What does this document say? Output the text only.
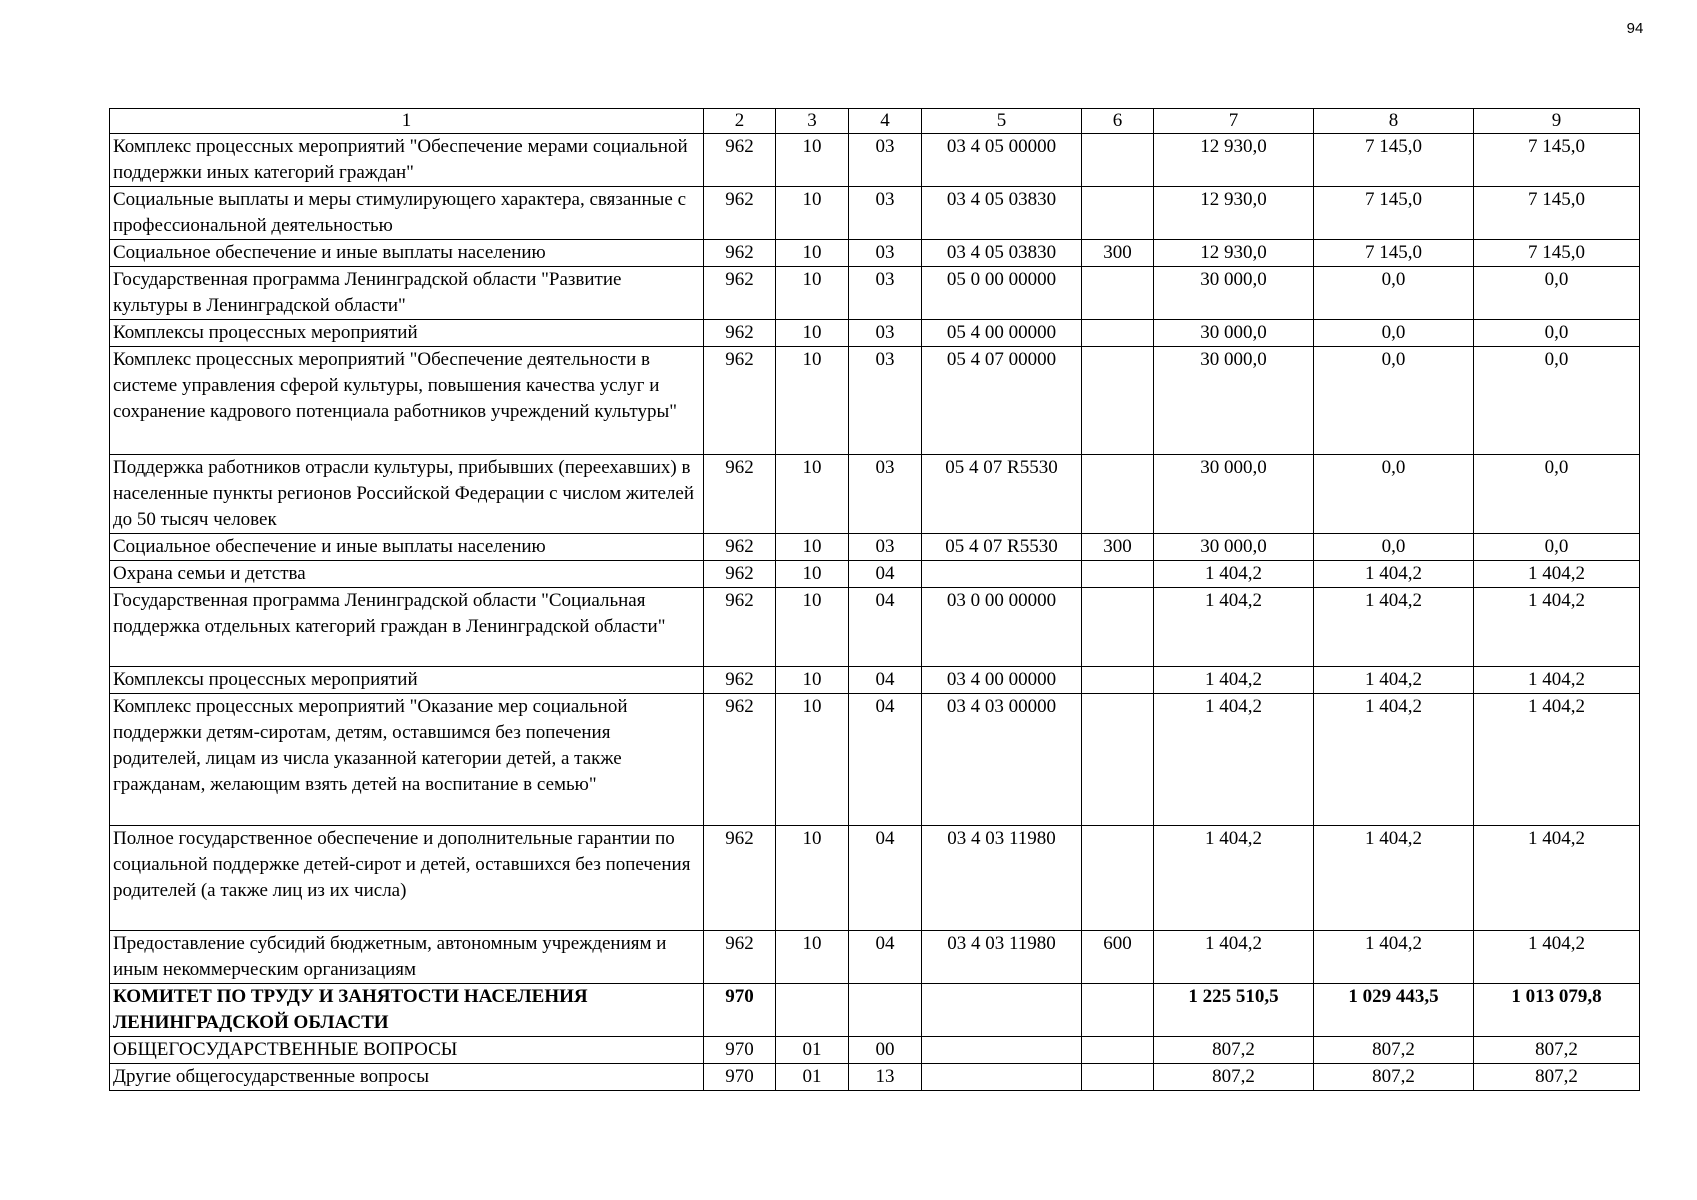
94
1	2	3	4	5	6	7	8	9
Комплекс процессных мероприятий "Обеспечение мерами социальной поддержки иных категорий граждан"	962	10	03	03 4 05 00000		12 930,0	7 145,0	7 145,0
Социальные выплаты и меры стимулирующего характера, связанные с профессиональной деятельностью	962	10	03	03 4 05 03830		12 930,0	7 145,0	7 145,0
Социальное обеспечение и иные выплаты населению	962	10	03	03 4 05 03830	300	12 930,0	7 145,0	7 145,0
Государственная программа Ленинградской области "Развитие культуры в Ленинградской области"	962	10	03	05 0 00 00000		30 000,0	0,0	0,0
Комплексы процессных мероприятий	962	10	03	05 4 00 00000		30 000,0	0,0	0,0
Комплекс процессных мероприятий "Обеспечение деятельности в системе управления сферой культуры, повышения качества услуг и сохранение кадрового потенциала работников учреждений культуры"	962	10	03	05 4 07 00000		30 000,0	0,0	0,0
Поддержка работников отрасли культуры, прибывших (переехавших) в населенные пункты регионов Российской Федерации с числом жителей до 50 тысяч человек	962	10	03	05 4 07 R5530		30 000,0	0,0	0,0
Социальное обеспечение и иные выплаты населению	962	10	03	05 4 07 R5530	300	30 000,0	0,0	0,0
Охрана семьи и детства	962	10	04			1 404,2	1 404,2	1 404,2
Государственная программа Ленинградской области "Социальная поддержка отдельных категорий граждан в Ленинградской области"	962	10	04	03 0 00 00000		1 404,2	1 404,2	1 404,2
Комплексы процессных мероприятий	962	10	04	03 4 00 00000		1 404,2	1 404,2	1 404,2
Комплекс процессных мероприятий "Оказание мер социальной поддержки детям-сиротам, детям, оставшимся без попечения родителей, лицам из числа указанной категории детей, а также гражданам, желающим взять детей на воспитание в семью"	962	10	04	03 4 03 00000		1 404,2	1 404,2	1 404,2
Полное государственное обеспечение и дополнительные гарантии по социальной поддержке детей-сирот и детей, оставшихся без попечения родителей (а также лиц из их числа)	962	10	04	03 4 03 11980		1 404,2	1 404,2	1 404,2
Предоставление субсидий бюджетным, автономным учреждениям и иным некоммерческим организациям	962	10	04	03 4 03 11980	600	1 404,2	1 404,2	1 404,2
КОМИТЕТ ПО ТРУДУ И ЗАНЯТОСТИ НАСЕЛЕНИЯ ЛЕНИНГРАДСКОЙ ОБЛАСТИ	970					1 225 510,5	1 029 443,5	1 013 079,8
ОБЩЕГОСУДАРСТВЕННЫЕ ВОПРОСЫ	970	01	00			807,2	807,2	807,2
Другие общегосударственные вопросы	970	01	13			807,2	807,2	807,2
